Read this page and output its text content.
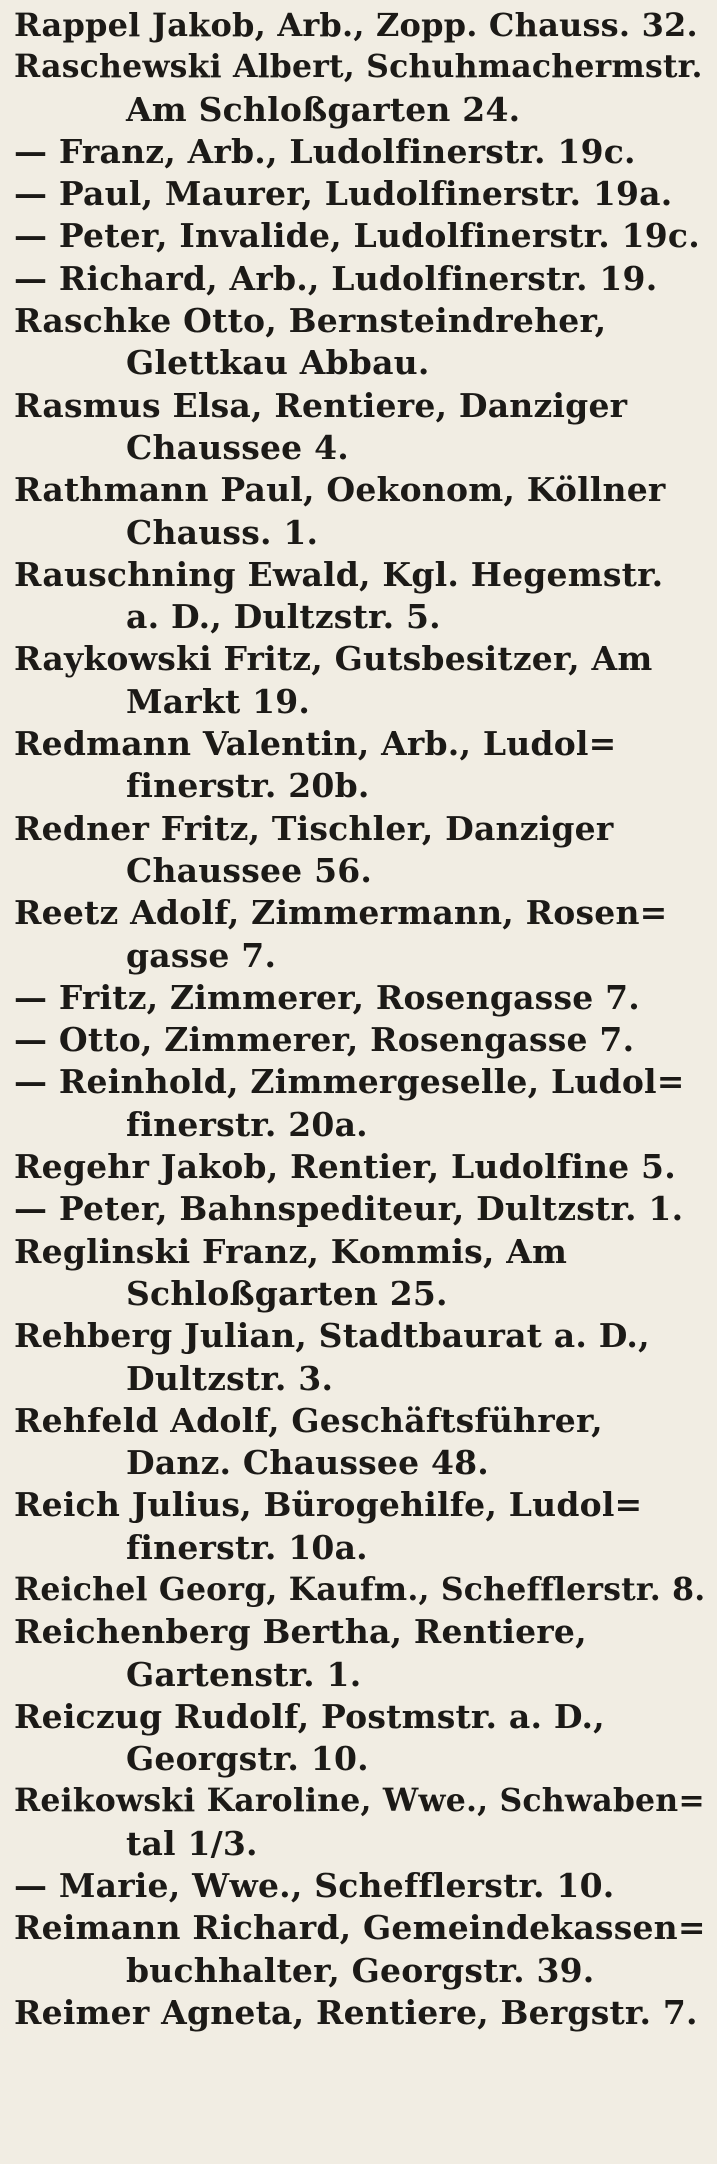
Rappel Jakob, Arb., Zopp. Chauss. 32.
Raschewski Albert, Schuhmachermstr.
Am Schloßgarten 24.
— Franz, Arb., Ludolfinerstr. 19c.
— Paul, Maurer, Ludolfinerstr. 19a.
— Peter, Invalide, Ludolfinerstr. 19c.
— Richard, Arb., Ludolfinerstr. 19.
Raschke Otto, Bernsteindreher,
Glettkau Abbau.
Rasmus Elsa, Rentiere, Danziger
Chaussee 4.
Rathmann Paul, Oekonom, Köllner
Chauss. 1.
Rauschning Ewald, Kgl. Hegemstr.
a. D., Dultzstr. 5.
Raykowski Fritz, Gutsbesitzer, Am
Markt 19.
Redmann Valentin, Arb., Ludol=
finerstr. 20b.
Redner Fritz, Tischler, Danziger
Chaussee 56.
Reetz Adolf, Zimmermann, Rosen=
gasse 7.
— Fritz, Zimmerer, Rosengasse 7.
— Otto, Zimmerer, Rosengasse 7.
— Reinhold, Zimmergeselle, Ludol=
finerstr. 20a.
Regehr Jakob, Rentier, Ludolfine 5.
— Peter, Bahnspediteur, Dultzstr. 1.
Reglinski Franz, Kommis, Am
Schloßgarten 25.
Rehberg Julian, Stadtbaurat a. D.,
Dultzstr. 3.
Rehfeld Adolf, Geschäftsführer,
Danz. Chaussee 48.
Reich Julius, Bürogehilfe, Ludol=
finerstr. 10a.
Reichel Georg, Kaufm., Schefflerstr. 8.
Reichenberg Bertha, Rentiere,
Gartenstr. 1.
Reiczug Rudolf, Postmstr. a. D.,
Georgstr. 10.
Reikowski Karoline, Wwe., Schwaben=
tal 1/3.
— Marie, Wwe., Schefflerstr. 10.
Reimann Richard, Gemeindekassen=
buchhalter, Georgstr. 39.
Reimer Agneta, Rentiere, Bergstr. 7.
